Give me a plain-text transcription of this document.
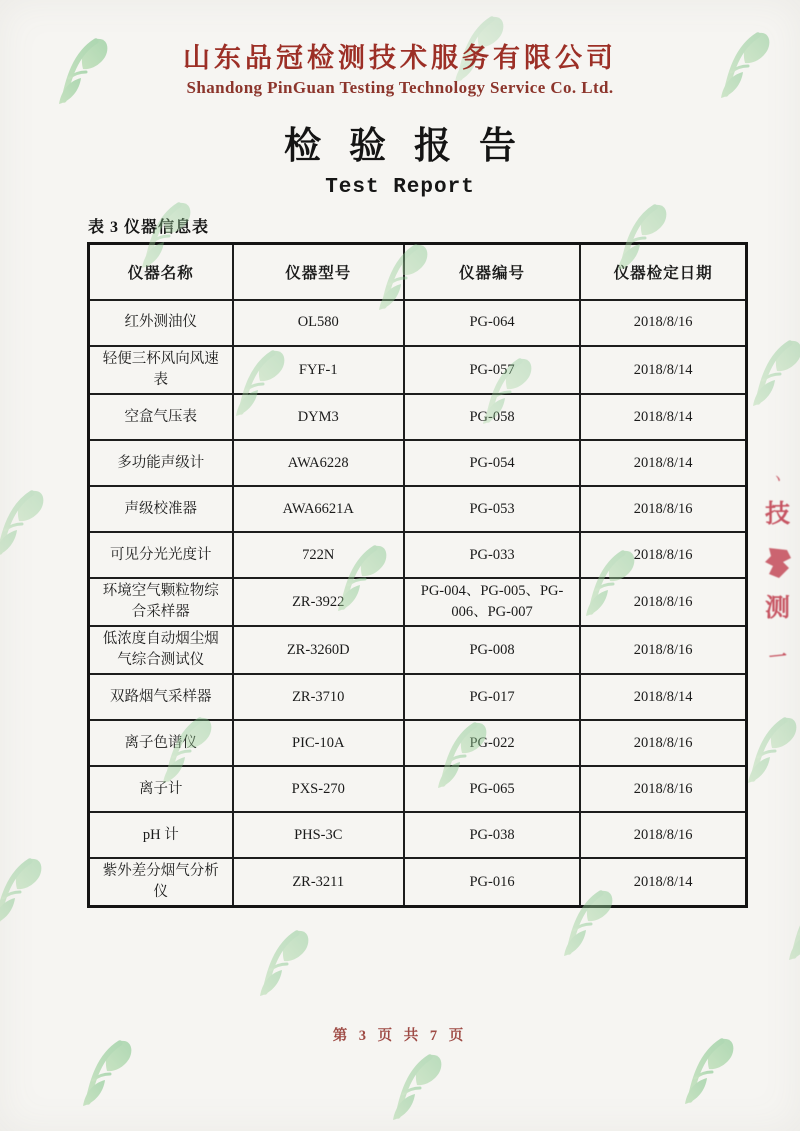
山东品冠检测技术服务有限公司
Shandong PinGuan Testing Technology Service Co. Ltd.
检验报告
Test Report
表 3 仪器信息表
仪器名称	仪器型号	仪器编号	仪器检定日期
红外测油仪	OL580	PG-064	2018/8/16
轻便三杯风向风速表	FYF-1	PG-057	2018/8/14
空盒气压表	DYM3	PG-058	2018/8/14
多功能声级计	AWA6228	PG-054	2018/8/14
声级校准器	AWA6621A	PG-053	2018/8/16
可见分光光度计	722N	PG-033	2018/8/16
环境空气颗粒物综合采样器	ZR-3922	PG-004、PG-005、PG-006、PG-007	2018/8/16
低浓度自动烟尘烟气综合测试仪	ZR-3260D	PG-008	2018/8/16
双路烟气采样器	ZR-3710	PG-017	2018/8/14
离子色谱仪	PIC-10A	PG-022	2018/8/16
离子计	PXS-270	PG-065	2018/8/16
pH 计	PHS-3C	PG-038	2018/8/16
紫外差分烟气分析仪	ZR-3211	PG-016	2018/8/14
丶
技
测
一
第 3 页 共 7 页
